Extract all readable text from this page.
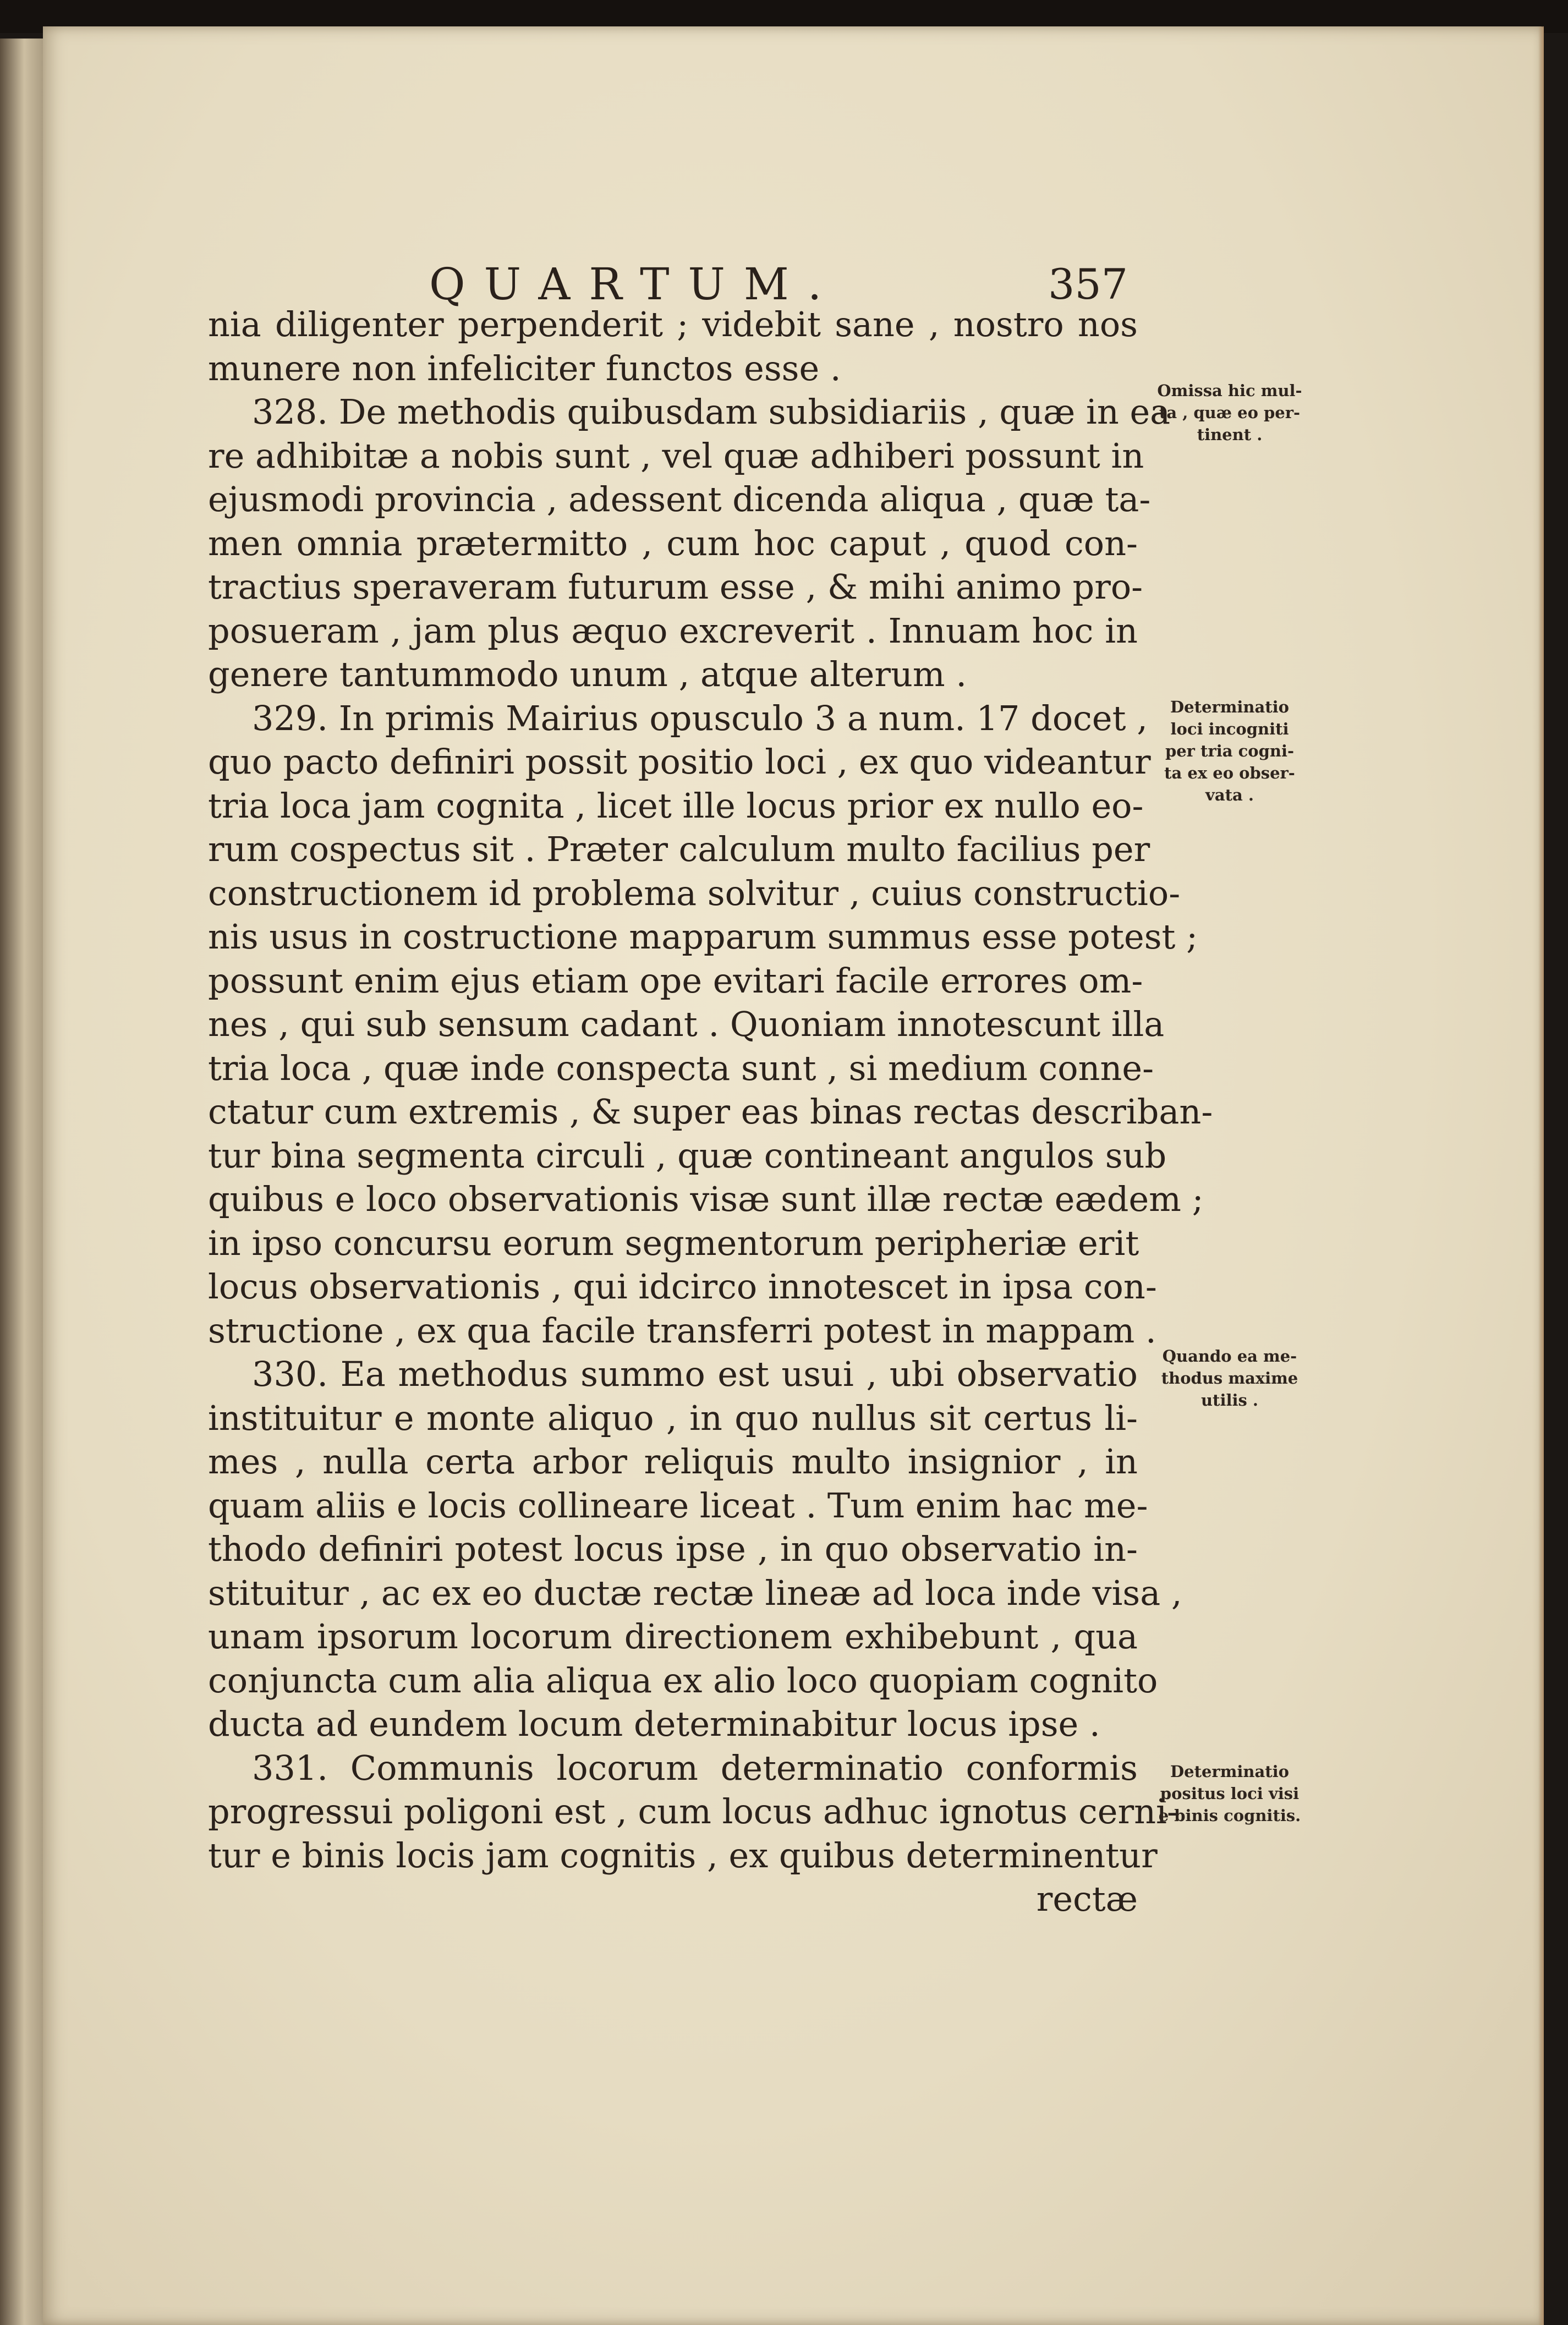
QUARTUM.	357
nia diligenter perpenderit ; videbit sane , nostro nos
munere non infeliciter functos esse .
328. De methodis quibusdam subsidiariis , quæ in ea
re adhibitæ a nobis sunt , vel quæ adhiberi possunt in
ejusmodi provincia , adessent dicenda aliqua , quæ ta-
men omnia prætermitto , cum hoc caput , quod con-
tractius speraveram futurum esse , & mihi animo pro-
posueram , jam plus æquo excreverit . Innuam hoc in
genere tantummodo unum , atque alterum .
329. In primis Mairius opusculo 3 a num. 17 docet ,
quo pacto definiri possit positio loci , ex quo videantur
tria loca jam cognita , licet ille locus prior ex nullo eo-
rum cospectus sit . Præter calculum multo facilius per
constructionem id problema solvitur , cuius constructio-
nis usus in costructione mapparum summus esse potest ;
possunt enim ejus etiam ope evitari facile errores om-
nes , qui sub sensum cadant . Quoniam innotescunt illa
tria loca , quæ inde conspecta sunt , si medium conne-
ctatur cum extremis , & super eas binas rectas describan-
tur bina segmenta circuli , quæ contineant angulos sub
quibus e loco observationis visæ sunt illæ rectæ eædem ;
in ipso concursu eorum segmentorum peripheriæ erit
locus observationis , qui idcirco innotescet in ipsa con-
structione , ex qua facile transferri potest in mappam .
330. Ea methodus summo est usui , ubi observatio
instituitur e monte aliquo , in quo nullus sit certus li-
mes , nulla certa arbor reliquis multo insignior , in
quam aliis e locis collineare liceat . Tum enim hac me-
thodo definiri potest locus ipse , in quo observatio in-
stituitur , ac ex eo ductæ rectæ lineæ ad loca inde visa ,
unam ipsorum locorum directionem exhibebunt , qua
conjuncta cum alia aliqua ex alio loco quopiam cognito
ducta ad eundem locum determinabitur locus ipse .
331. Communis locorum determinatio conformis
progressui poligoni est , cum locus adhuc ignotus cerni-
tur e binis locis jam cognitis , ex quibus determinentur
rectæ
Omissa hic mul-
ta , quæ eo per-
tinent .
Determinatio
loci incogniti
per tria cogni-
ta ex eo obser-
vata .
Quando ea me-
thodus maxime
utilis .
Determinatio
positus loci visi
e binis cognitis.
